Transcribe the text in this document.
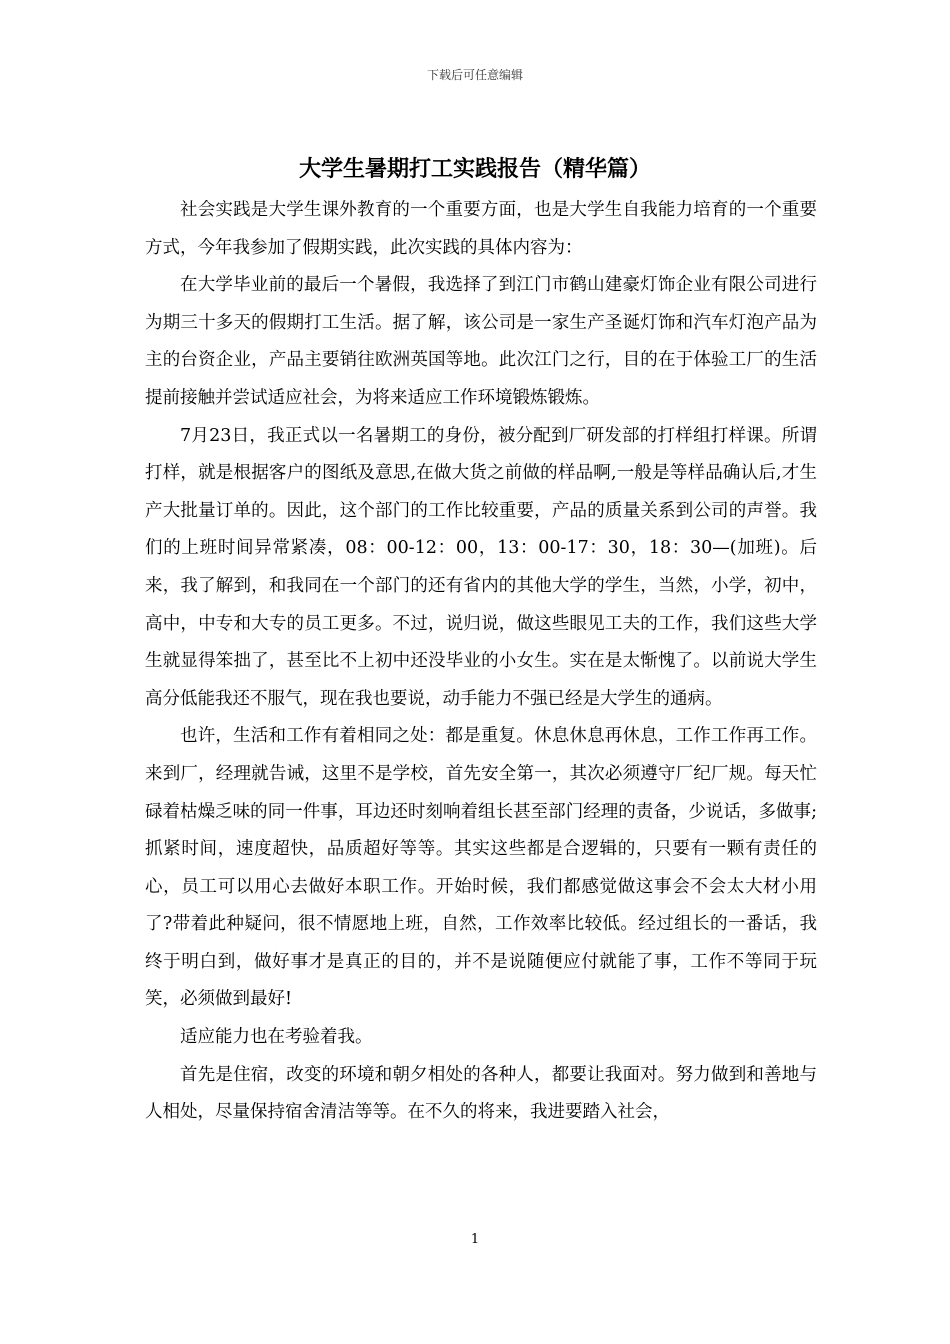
下载后可任意编辑
大学生暑期打工实践报告（精华篇）

社会实践是大学生课外教育的一个重要方面，也是大学生自我能力培育的一个重要方式，今年我参加了假期实践，此次实践的具体内容为：

在大学毕业前的最后一个暑假，我选择了到江门市鹤山建豪灯饰企业有限公司进行为期三十多天的假期打工生活。据了解，该公司是一家生产圣诞灯饰和汽车灯泡产品为主的台资企业，产品主要销往欧洲英国等地。此次江门之行，目的在于体验工厂的生活提前接触并尝试适应社会，为将来适应工作环境锻炼锻炼。

7月23日，我正式以一名暑期工的身份，被分配到厂研发部的打样组打样课。所谓打样，就是根据客户的图纸及意思,在做大货之前做的样品啊,一般是等样品确认后,才生产大批量订单的。因此，这个部门的工作比较重要，产品的质量关系到公司的声誉。我们的上班时间异常紧凑，08：00-12：00，13：00-17：30，18：30—(加班)。后来，我了解到，和我同在一个部门的还有省内的其他大学的学生，当然，小学，初中，高中，中专和大专的员工更多。不过，说归说，做这些眼见工夫的工作，我们这些大学生就显得笨拙了，甚至比不上初中还没毕业的小女生。实在是太惭愧了。以前说大学生高分低能我还不服气，现在我也要说，动手能力不强已经是大学生的通病。

也许，生活和工作有着相同之处：都是重复。休息休息再休息，工作工作再工作。来到厂，经理就告诫，这里不是学校，首先安全第一，其次必须遵守厂纪厂规。每天忙碌着枯燥乏味的同一件事，耳边还时刻响着组长甚至部门经理的责备，少说话，多做事;抓紧时间，速度超快，品质超好等等。其实这些都是合逻辑的，只要有一颗有责任的心，员工可以用心去做好本职工作。开始时候，我们都感觉做这事会不会太大材小用了?带着此种疑问，很不情愿地上班，自然，工作效率比较低。经过组长的一番话，我终于明白到，做好事才是真正的目的，并不是说随便应付就能了事，工作不等同于玩笑，必须做到最好!

适应能力也在考验着我。

首先是住宿，改变的环境和朝夕相处的各种人，都要让我面对。努力做到和善地与人相处，尽量保持宿舍清洁等等。在不久的将来，我进要踏入社会，

1
